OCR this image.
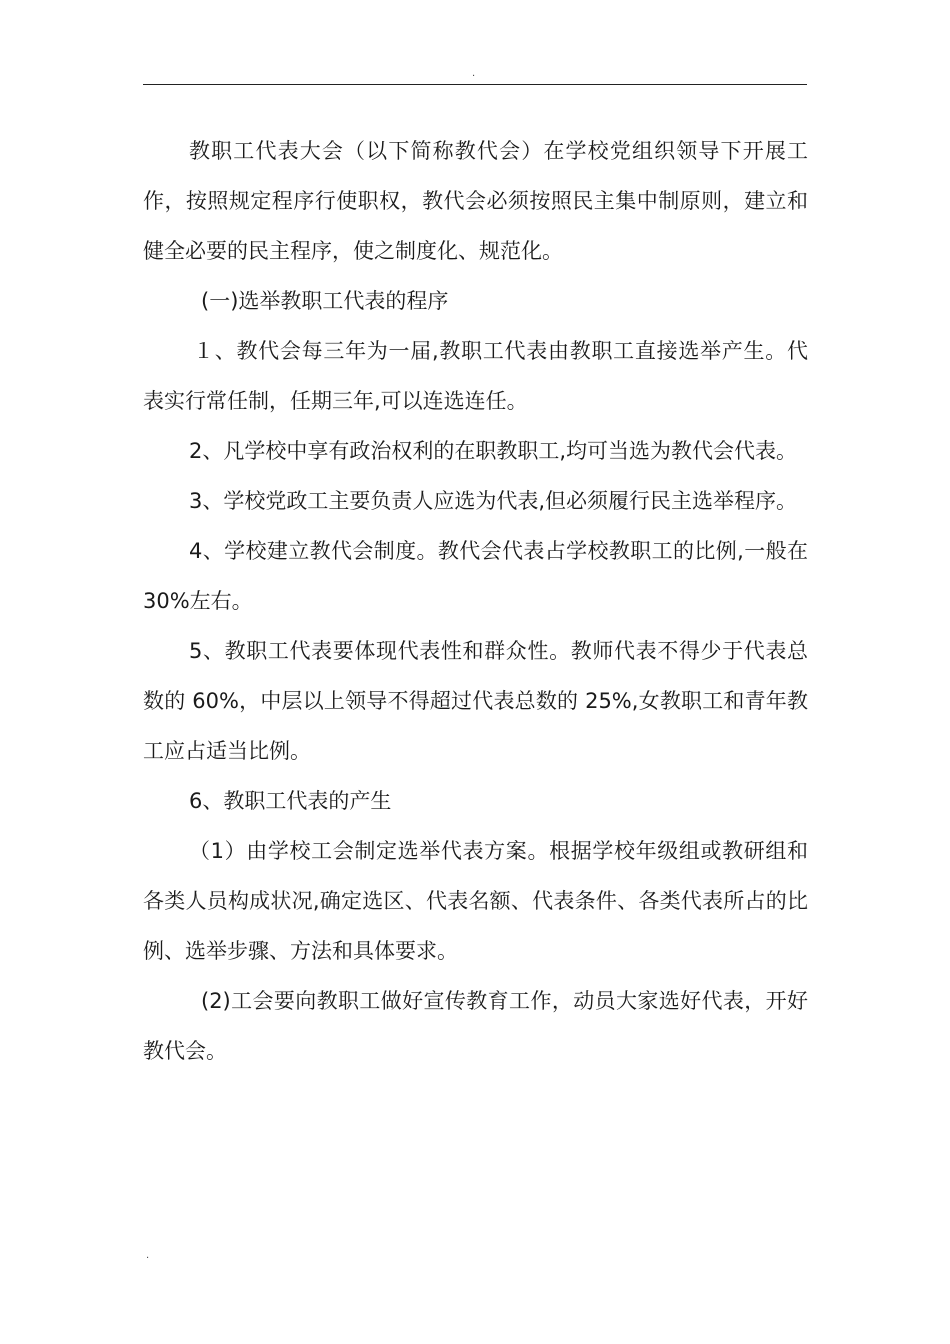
.

教职工代表大会（以下简称教代会）在学校党组织领导下开展工作，按照规定程序行使职权，教代会必须按照民主集中制原则，建立和健全必要的民主程序，使之制度化、规范化。

(一)选举教职工代表的程序

１、教代会每三年为一届,教职工代表由教职工直接选举产生。代表实行常任制，任期三年,可以连选连任。

2、凡学校中享有政治权利的在职教职工,均可当选为教代会代表。

3、学校党政工主要负责人应选为代表,但必须履行民主选举程序。

4、学校建立教代会制度。教代会代表占学校教职工的比例,一般在 30%左右。

5、教职工代表要体现代表性和群众性。教师代表不得少于代表总数的 60%，中层以上领导不得超过代表总数的 25%,女教职工和青年教工应占适当比例。

6、教职工代表的产生

（1）由学校工会制定选举代表方案。根据学校年级组或教研组和各类人员构成状况,确定选区、代表名额、代表条件、各类代表所占的比例、选举步骤、方法和具体要求。

(2)工会要向教职工做好宣传教育工作，动员大家选好代表，开好教代会。

.
